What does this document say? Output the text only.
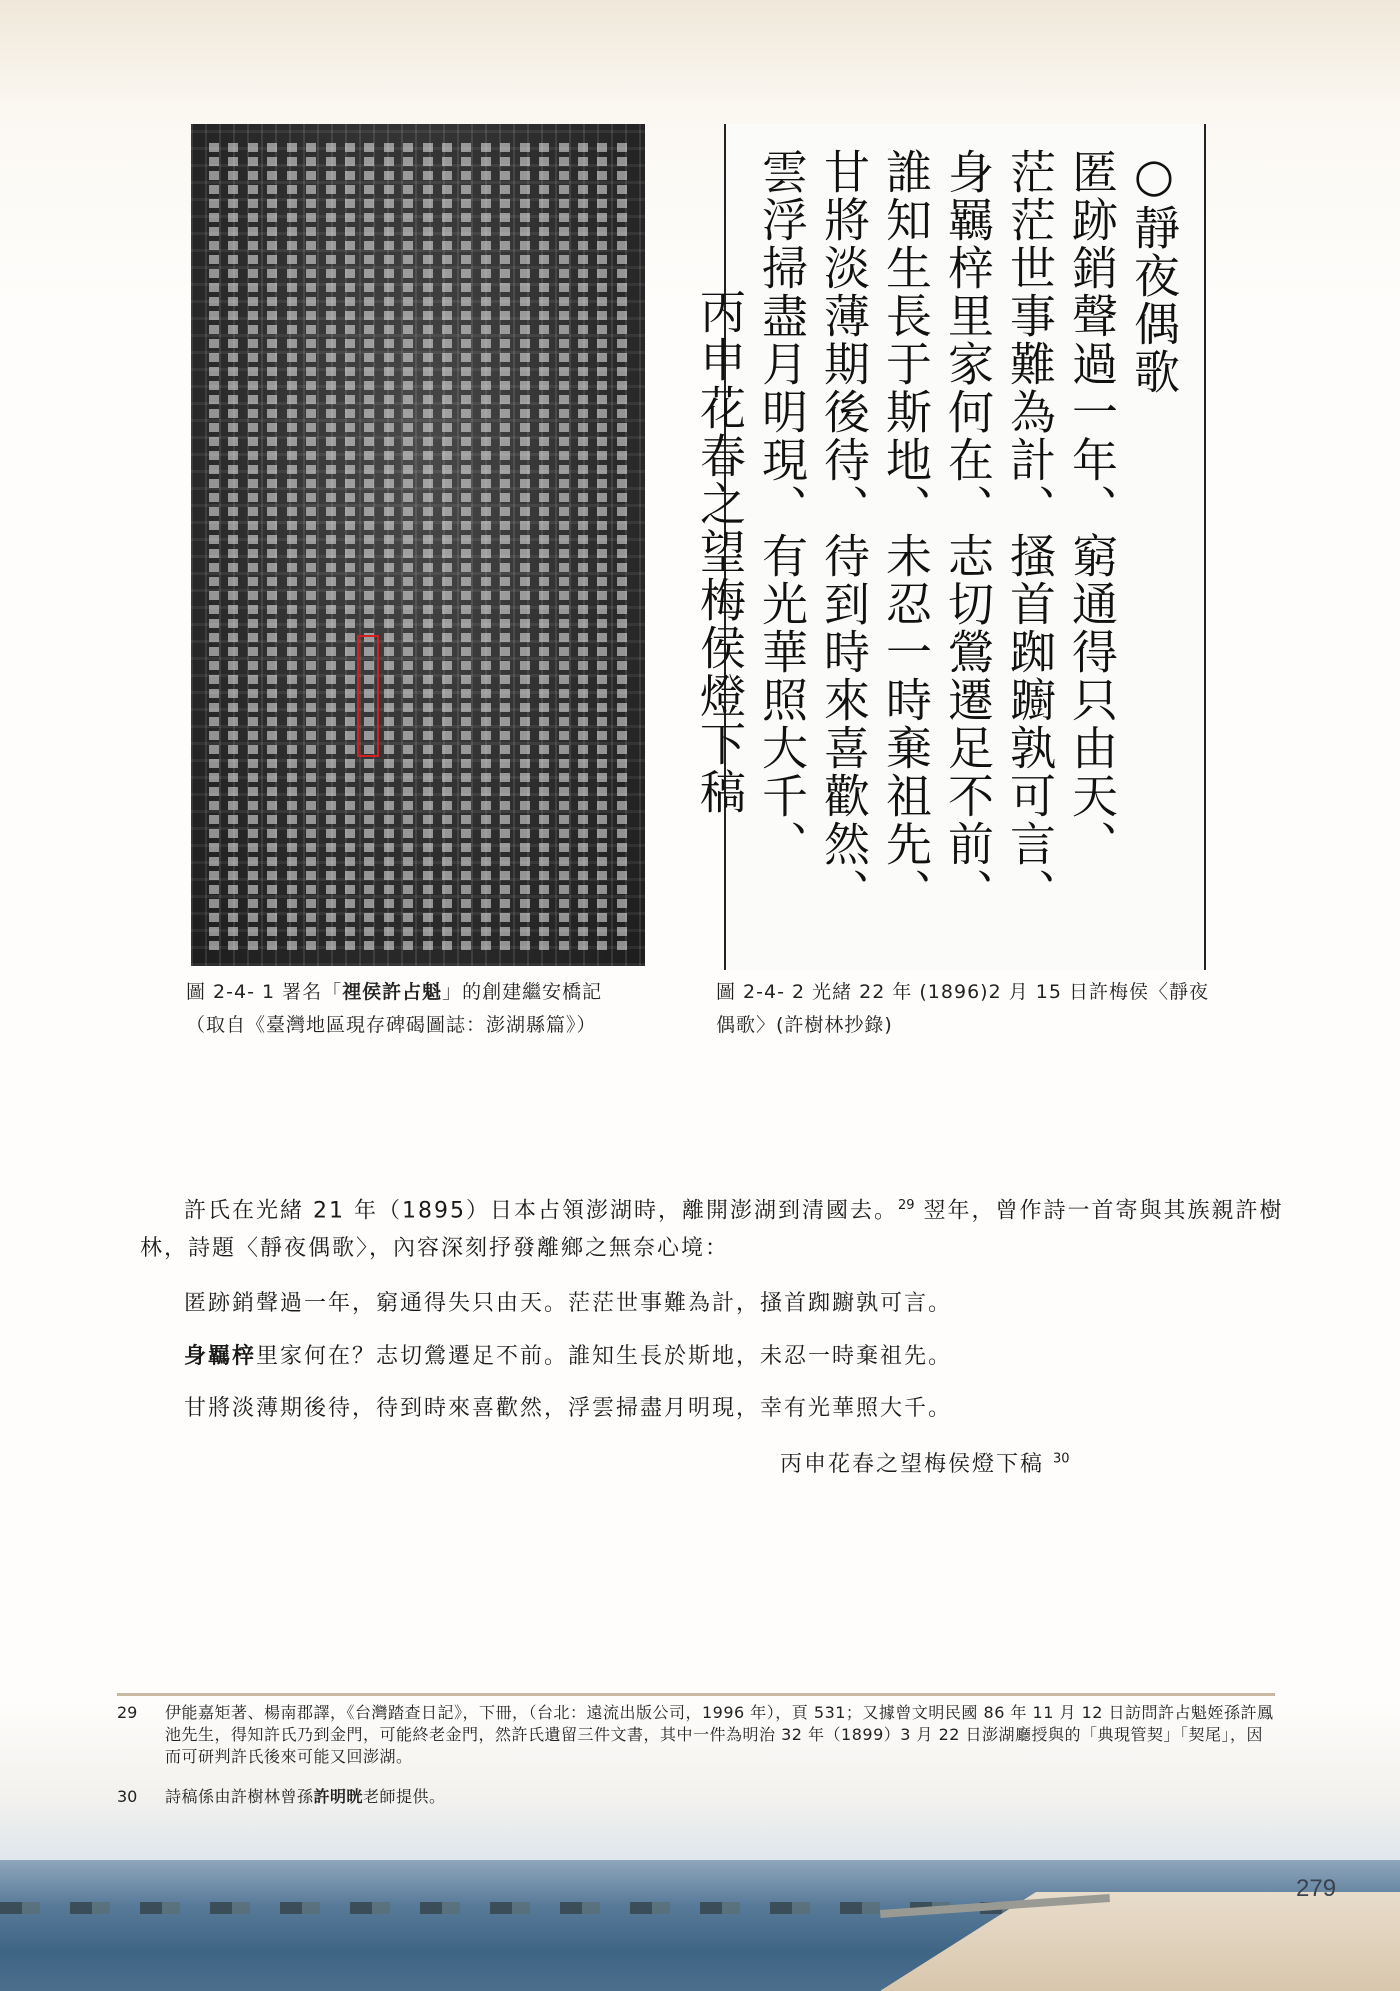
○靜夜偶歌
匿跡銷聲過一年、窮通得只由天、
茫茫世事難為計、搔首踟躕孰可言、
身羈梓里家何在、志切鶯遷足不前、
誰知生長于斯地、未忍一時棄祖先、
甘將淡薄期後待、待到時來喜歡然、
雲浮掃盡月明現、有光華照大千、
丙申花春之望梅侯燈下稿
圖 2-4- 1 署名「𥚃侯許占魁」的創建繼安橋記
（取自《臺灣地區現存碑碣圖誌：澎湖縣篇》）
圖 2-4- 2 光緒 22 年 (1896)2 月 15 日許梅侯〈靜夜偶歌〉(許樹林抄錄)
許氏在光緒 21 年（1895）日本占領澎湖時，離開澎湖到清國去。$^{29}$ 翌年，曾作詩一首寄與其族親許樹林，詩題〈靜夜偶歌〉，內容深刻抒發離鄉之無奈心境：
匿跡銷聲過一年，窮通得失只由天。茫茫世事難為計，搔首踟躕孰可言。
身羈梓里家何在？志切鶯遷足不前。誰知生長於斯地，未忍一時棄祖先。
甘將淡薄期後待，待到時來喜歡然，浮雲掃盡月明現，幸有光華照大千。
丙申花春之望梅侯燈下稿 $^{30}$
29	伊能嘉矩著、楊南郡譯，《台灣踏查日記》，下冊，（台北：遠流出版公司，1996 年），頁 531；又據曾文明民國 86 年 11 月 12 日訪問許占魁姪孫許鳳池先生，得知許氏乃到金門，可能終老金門，然許氏遺留三件文書，其中一件為明治 32 年（1899）3 月 22 日澎湖廳授與的「典現管契」「契尾」，因而可研判許氏後來可能又回澎湖。
30	詩稿係由許樹林曾孫許明晄老師提供。
279
